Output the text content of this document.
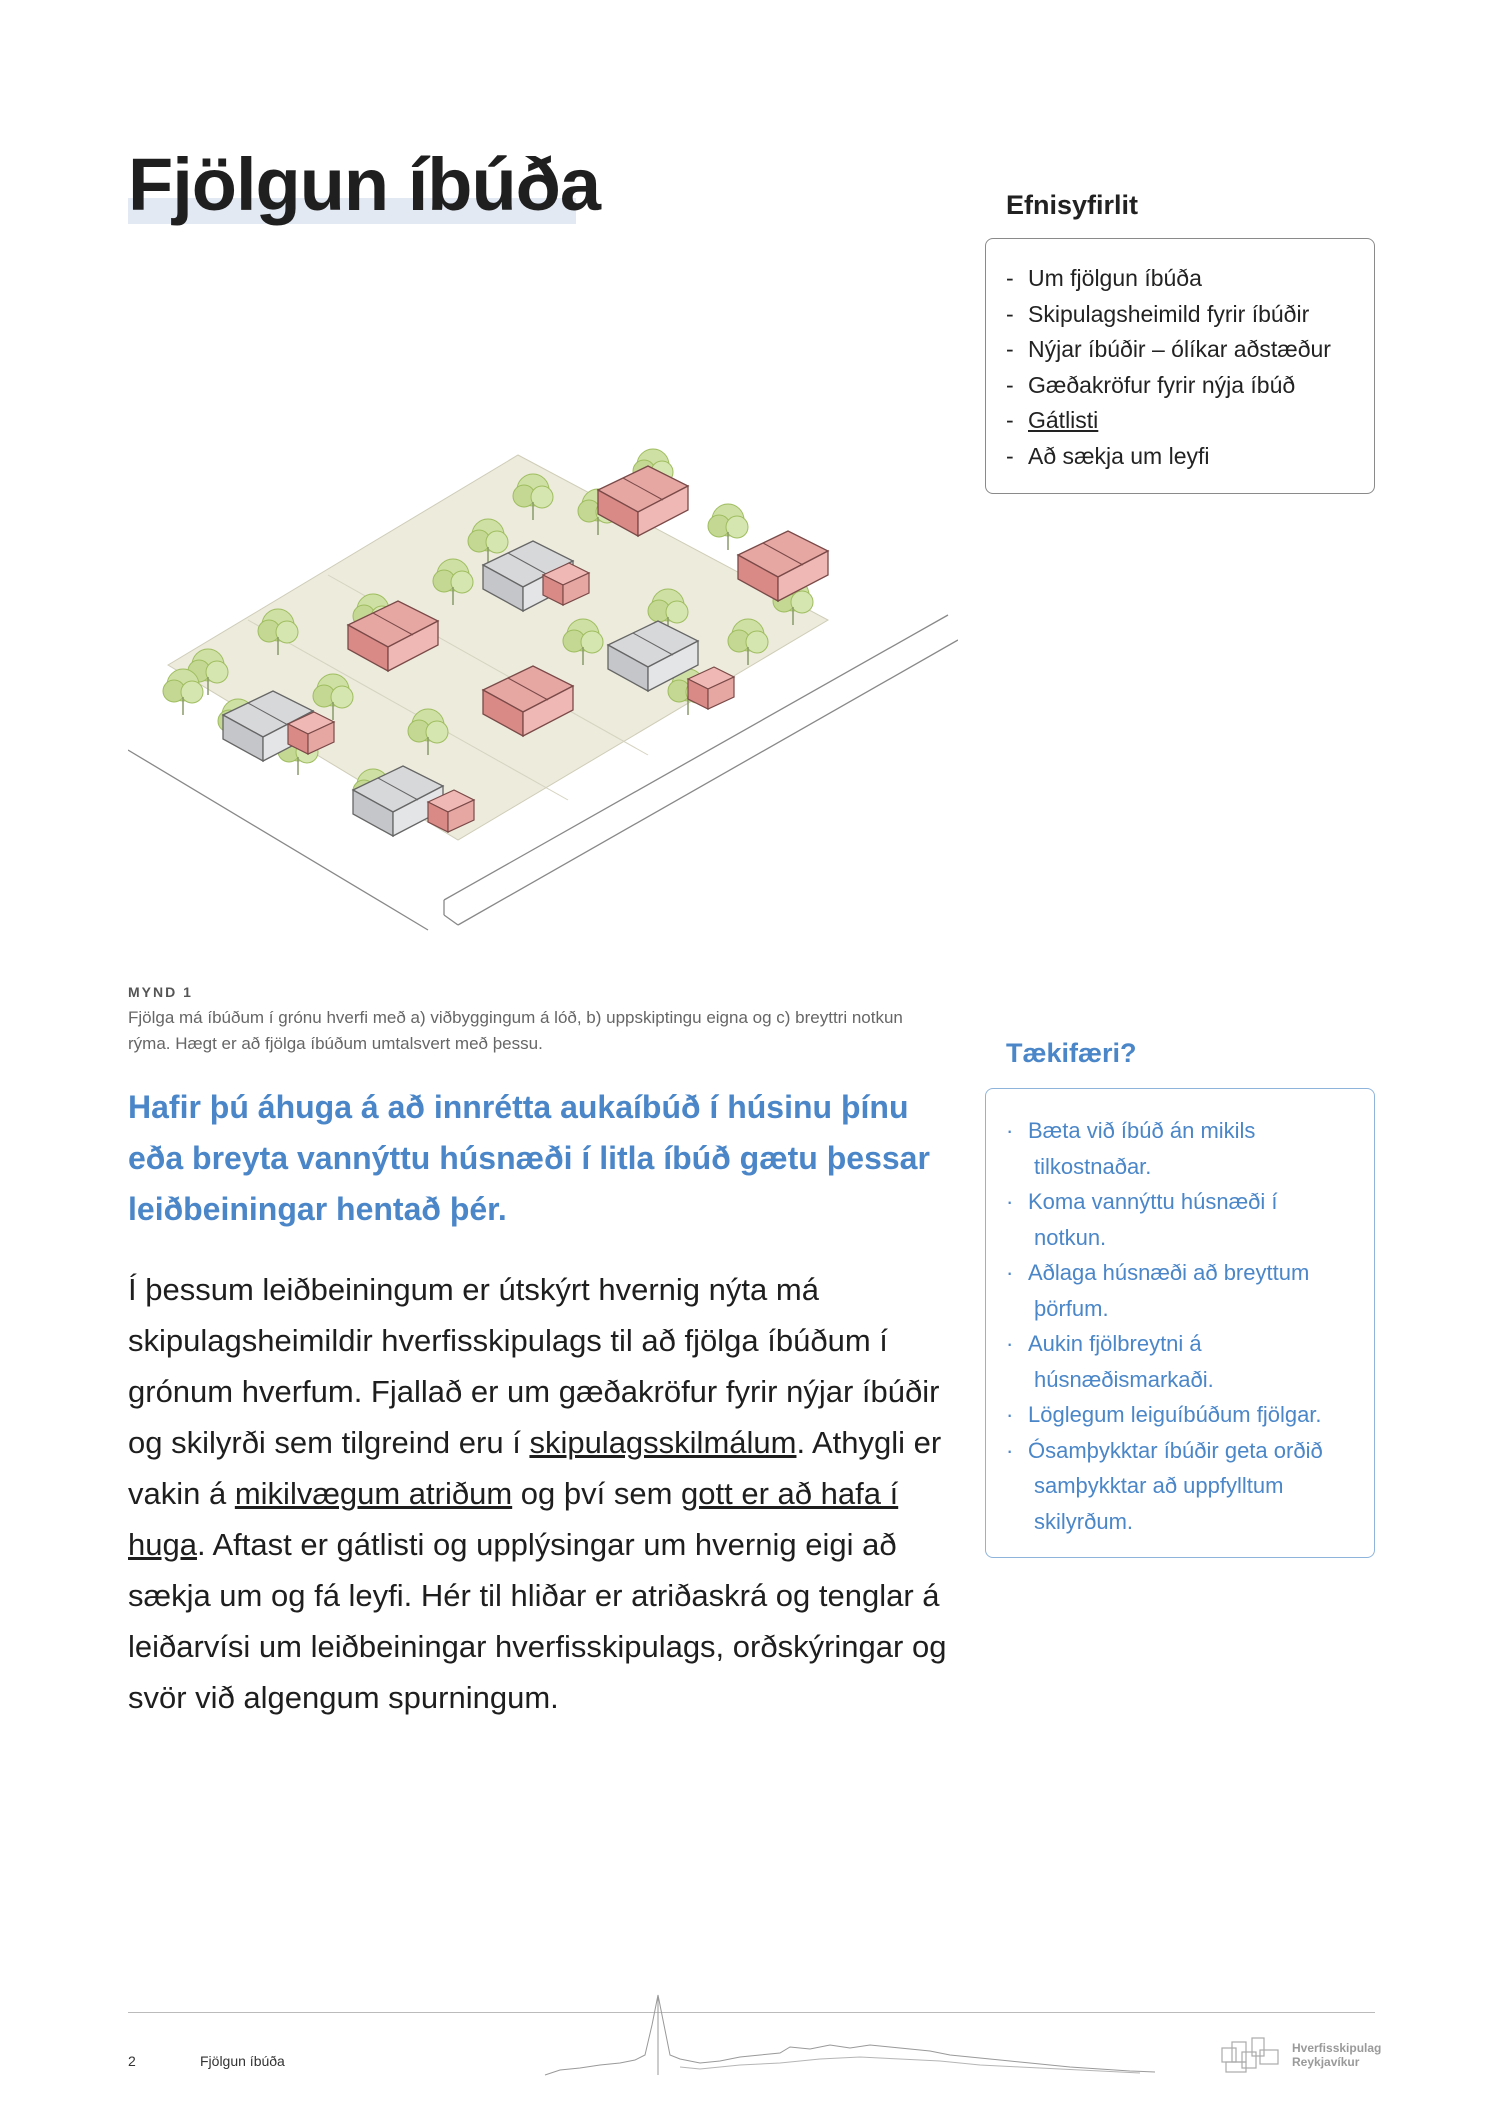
Fjölgun íbúða	Efnisyfirlit
- Um fjölgun íbúða
- Skipulagsheimild fyrir íbúðir
- Nýjar íbúðir – ólíkar aðstæður
- Gæðakröfur fyrir nýja íbúð
- Gátlisti
- Að sækja um leyfi
MYND 1
Fjölga má íbúðum í grónu hverfi með a) viðbyggingum á lóð, b) uppskiptingu eigna og c) breyttri notkun rýma. Hægt er að fjölga íbúðum umtalsvert með þessu.
Hafir þú áhuga á að innrétta aukaíbúð í húsinu þínu eða breyta vannýttu húsnæði í litla íbúð gætu þessar leiðbeiningar hentað þér.
Í þessum leiðbeiningum er útskýrt hvernig nýta má skipulagsheimildir hverfisskipulags til að fjölga íbúðum í grónum hverfum. Fjallað er um gæðakröfur fyrir nýjar íbúðir og skilyrði sem tilgreind eru í skipulagsskilmálum. Athygli er vakin á mikilvægum atriðum og því sem gott er að hafa í huga. Aftast er gátlisti og upplýsingar um hvernig eigi að sækja um og fá leyfi. Hér til hliðar er atriðaskrá og tenglar á leiðarvísi um leiðbeiningar hverfisskipulags, orðskýringar og svör við algengum spurningum.
Tækifæri?
· Bæta við íbúð án mikils
tilkostnaðar.
· Koma vannýttu húsnæði í
notkun.
· Aðlaga húsnæði að breyttum
þörfum.
· Aukin fjölbreytni á
húsnæðismarkaði.
· Löglegum leiguíbúðum fjölgar.
· Ósamþykktar íbúðir geta orðið
samþykktar að uppfylltum skilyrðum.
2	Fjölgun íbúða
Hverfisskipulag
Reykjavíkur
